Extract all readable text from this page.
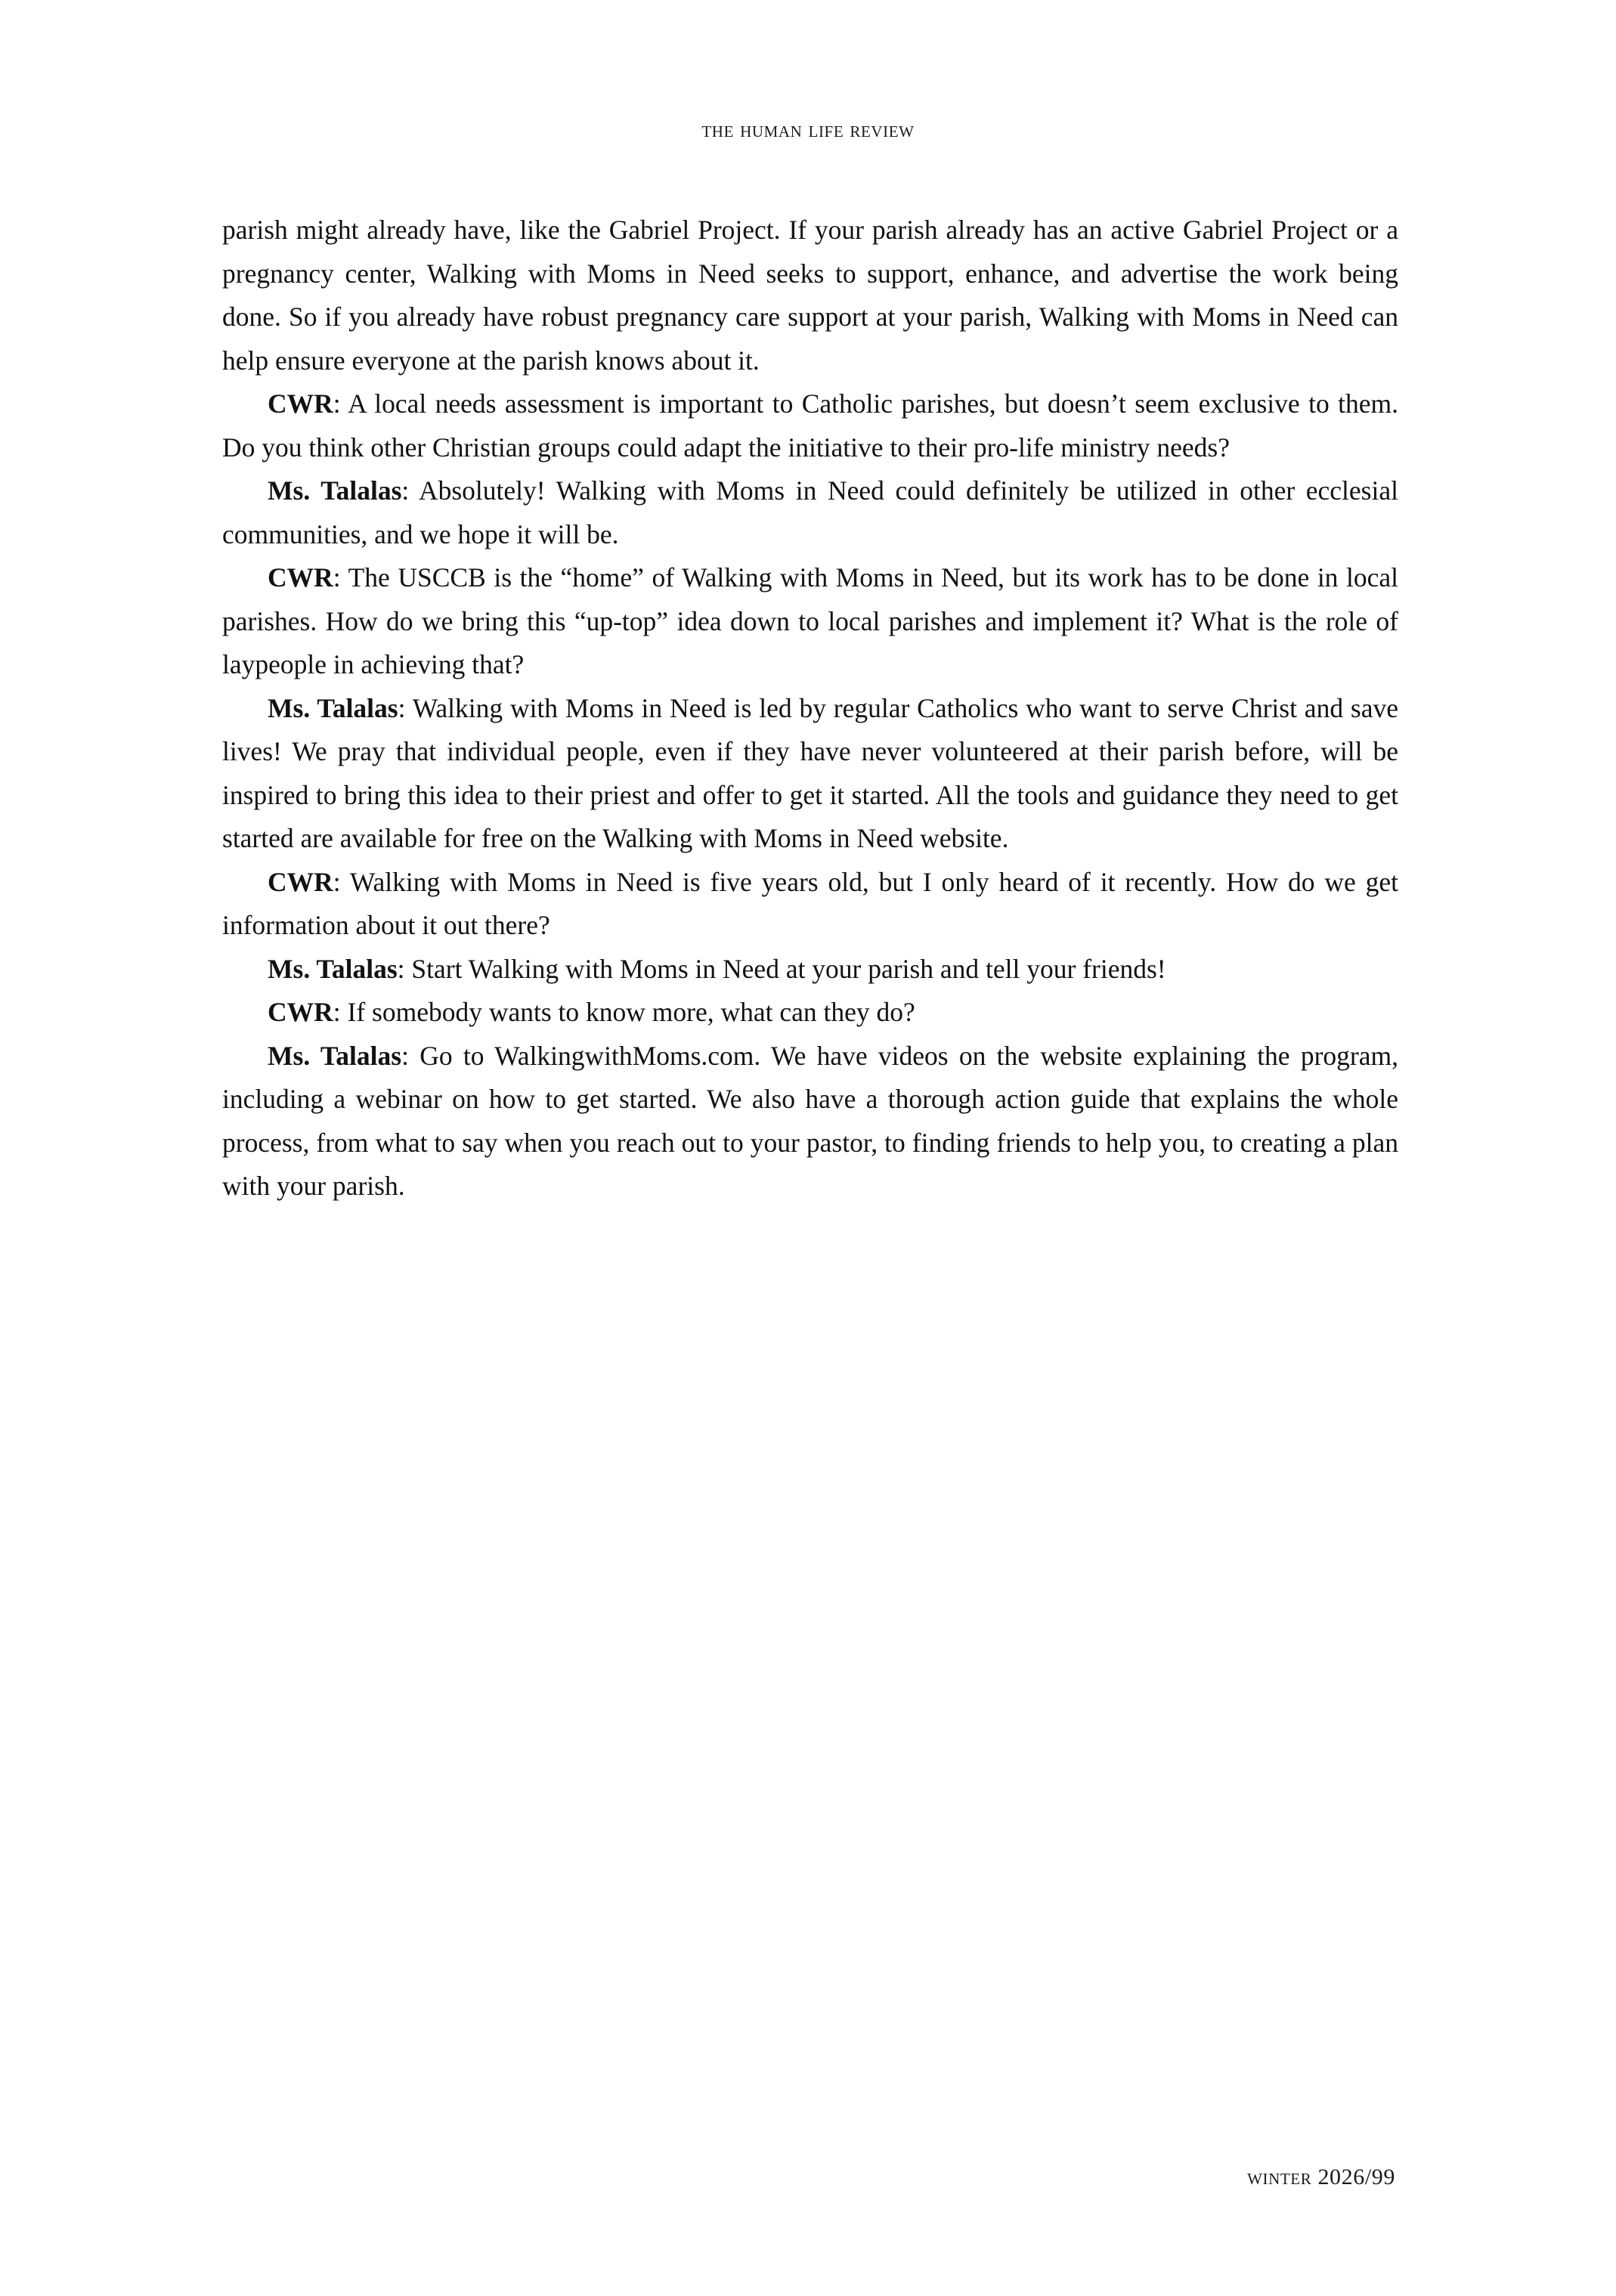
the human life review

parish might already have, like the Gabriel Project. If your parish already has an active Gabriel Project or a pregnancy center, Walking with Moms in Need seeks to support, enhance, and advertise the work being done. So if you already have robust pregnancy care support at your parish, Walking with Moms in Need can help ensure everyone at the parish knows about it.

CWR: A local needs assessment is important to Catholic parishes, but doesn’t seem exclusive to them. Do you think other Christian groups could adapt the initiative to their pro-life ministry needs?

Ms. Talalas: Absolutely! Walking with Moms in Need could definitely be utilized in other ecclesial communities, and we hope it will be.

CWR: The USCCB is the “home” of Walking with Moms in Need, but its work has to be done in local parishes. How do we bring this “up-top” idea down to local parishes and implement it? What is the role of laypeople in achieving that?

Ms. Talalas: Walking with Moms in Need is led by regular Catholics who want to serve Christ and save lives! We pray that individual people, even if they have never volunteered at their parish before, will be inspired to bring this idea to their priest and offer to get it started. All the tools and guidance they need to get started are available for free on the Walking with Moms in Need website.

CWR: Walking with Moms in Need is five years old, but I only heard of it recently. How do we get information about it out there?

Ms. Talalas: Start Walking with Moms in Need at your parish and tell your friends!

CWR: If somebody wants to know more, what can they do?

Ms. Talalas: Go to WalkingwithMoms.com. We have videos on the website explaining the program, including a webinar on how to get started. We also have a thorough action guide that explains the whole process, from what to say when you reach out to your pastor, to finding friends to help you, to creating a plan with your parish.

winter 2026/99
